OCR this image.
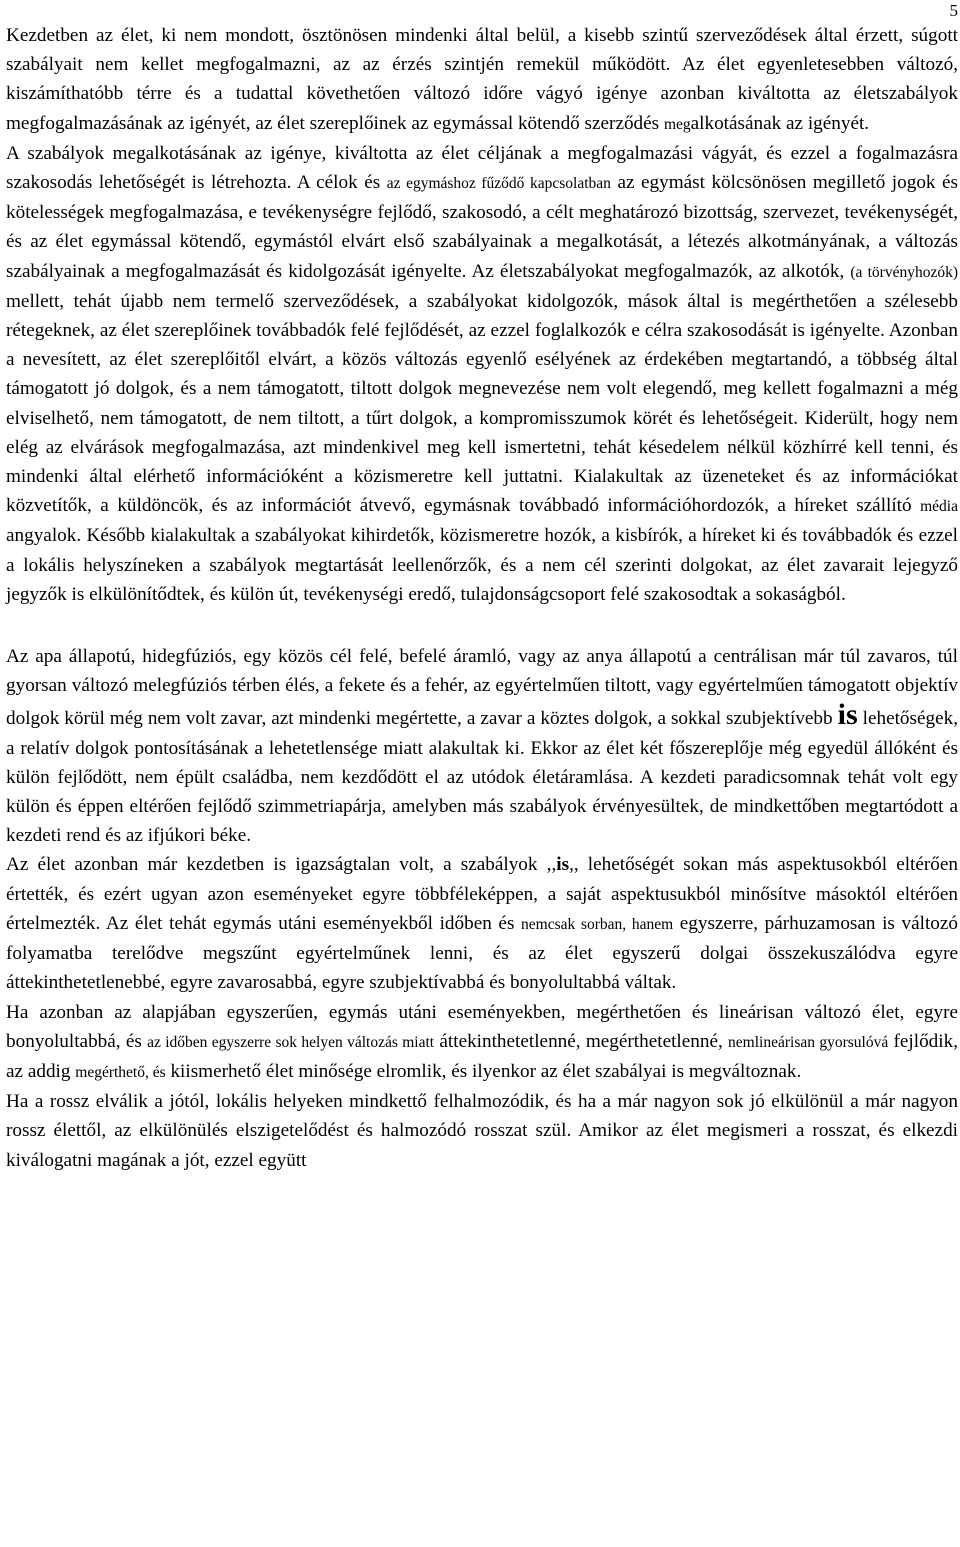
5

Kezdetben az élet, ki nem mondott, ösztönösen mindenki által belül, a kisebb szintű szerveződések által érzett, súgott szabályait nem kellet megfogalmazni, az az érzés szintjén remekül működött. Az élet egyenletesebben változó, kiszámíthatóbb térre és a tudattal követhetően változó időre vágyó igénye azonban kiváltotta az életszabályok megfogalmazásának az igényét, az élet szereplőinek az egymással kötendő szerződés megalkotásának az igényét.

A szabályok megalkotásának az igénye, kiváltotta az élet céljának a megfogalmazási vágyát, és ezzel a fogalmazásra szakosodás lehetőségét is létrehozta. A célok és az egymáshoz fűződő kapcsolatban az egymást kölcsönösen megillető jogok és kötelességek megfogalmazása, e tevékenységre fejlődő, szakosodó, a célt meghatározó bizottság, szervezet, tevékenységét, és az élet egymással kötendő, egymástól elvárt első szabályainak a megalkotását, a létezés alkotmányának, a változás szabályainak a megfogalmazását és kidolgozását igényelte. Az életszabályokat megfogalmazók, az alkotók, (a törvényhozók) mellett, tehát újabb nem termelő szerveződések, a szabályokat kidolgozók, mások által is megérthetően a szélesebb rétegeknek, az élet szereplőinek továbbadók felé fejlődését, az ezzel foglalkozók e célra szakosodását is igényelte. Azonban a nevesített, az élet szereplőitől elvárt, a közös változás egyenlő esélyének az érdekében megtartandó, a többség által támogatott jó dolgok, és a nem támogatott, tiltott dolgok megnevezése nem volt elegendő, meg kellett fogalmazni a még elviselhető, nem támogatott, de nem tiltott, a tűrt dolgok, a kompromisszumok körét és lehetőségeit. Kiderült, hogy nem elég az elvárások megfogalmazása, azt mindenkivel meg kell ismertetni, tehát késedelem nélkül közhírré kell tenni, és mindenki által elérhető információként a közismeretre kell juttatni. Kialakultak az üzeneteket és az információkat közvetítők, a küldöncök, és az információt átvevő, egymásnak továbbadó információhordozók, a híreket szállító média angyalok. Később kialakultak a szabályokat kihirdetők, közismeretre hozók, a kisbírók, a híreket ki és továbbadók és ezzel a lokális helyszíneken a szabályok megtartását leellenőrzők, és a nem cél szerinti dolgokat, az élet zavarait lejegyző jegyzők is elkülönítődtek, és külön út, tevékenységi eredő, tulajdonságcsoport felé szakosodtak a sokaságból.

Az apa állapotú, hidegfúziós, egy közös cél felé, befelé áramló, vagy az anya állapotú a centrálisan már túl zavaros, túl gyorsan változó melegfúziós térben élés, a fekete és a fehér, az egyértelműen tiltott, vagy egyértelműen támogatott objektív dolgok körül még nem volt zavar, azt mindenki megértette, a zavar a köztes dolgok, a sokkal szubjektívebb is lehetőségek, a relatív dolgok pontosításának a lehetetlensége miatt alakultak ki. Ekkor az élet két főszereplője még egyedül állóként és külön fejlődött, nem épült családba, nem kezdődött el az utódok életáramlása. A kezdeti paradicsomnak tehát volt egy külön és éppen eltérően fejlődő szimmetriapárja, amelyben más szabályok érvényesültek, de mindkettőben megtartódott a kezdeti rend és az ifjúkori béke.

Az élet azonban már kezdetben is igazságtalan volt, a szabályok ,,is,, lehetőségét sokan más aspektusokból eltérően értették, és ezért ugyan azon eseményeket egyre többféleképpen, a saját aspektusukból minősítve másoktól eltérően értelmezték. Az élet tehát egymás utáni eseményekből időben és nemcsak sorban, hanem egyszerre, párhuzamosan is változó folyamatba terelődve megszűnt egyértelműnek lenni, és az élet egyszerű dolgai összekuszálódva egyre áttekinthetetlenebbé, egyre zavarosabbá, egyre szubjektívabbá és bonyolultabbá váltak.

Ha azonban az alapjában egyszerűen, egymás utáni eseményekben, megérthetően és lineárisan változó élet, egyre bonyolultabbá, és az időben egyszerre sok helyen változás miatt áttekinthetetlenné, megérthetetlenné, nemlineárisan gyorsulóvá fejlődik, az addig megérthető, és kiismerhető élet minősége elromlik, és ilyenkor az élet szabályai is megváltoznak.

Ha a rossz elválik a jótól, lokális helyeken mindkettő felhalmozódik, és ha a már nagyon sok jó elkülönül a már nagyon rossz élettől, az elkülönülés elszigetelődést és halmozódó rosszat szül. Amikor az élet megismeri a rosszat, és elkezdi kiválogatni magának a jót, ezzel együtt
